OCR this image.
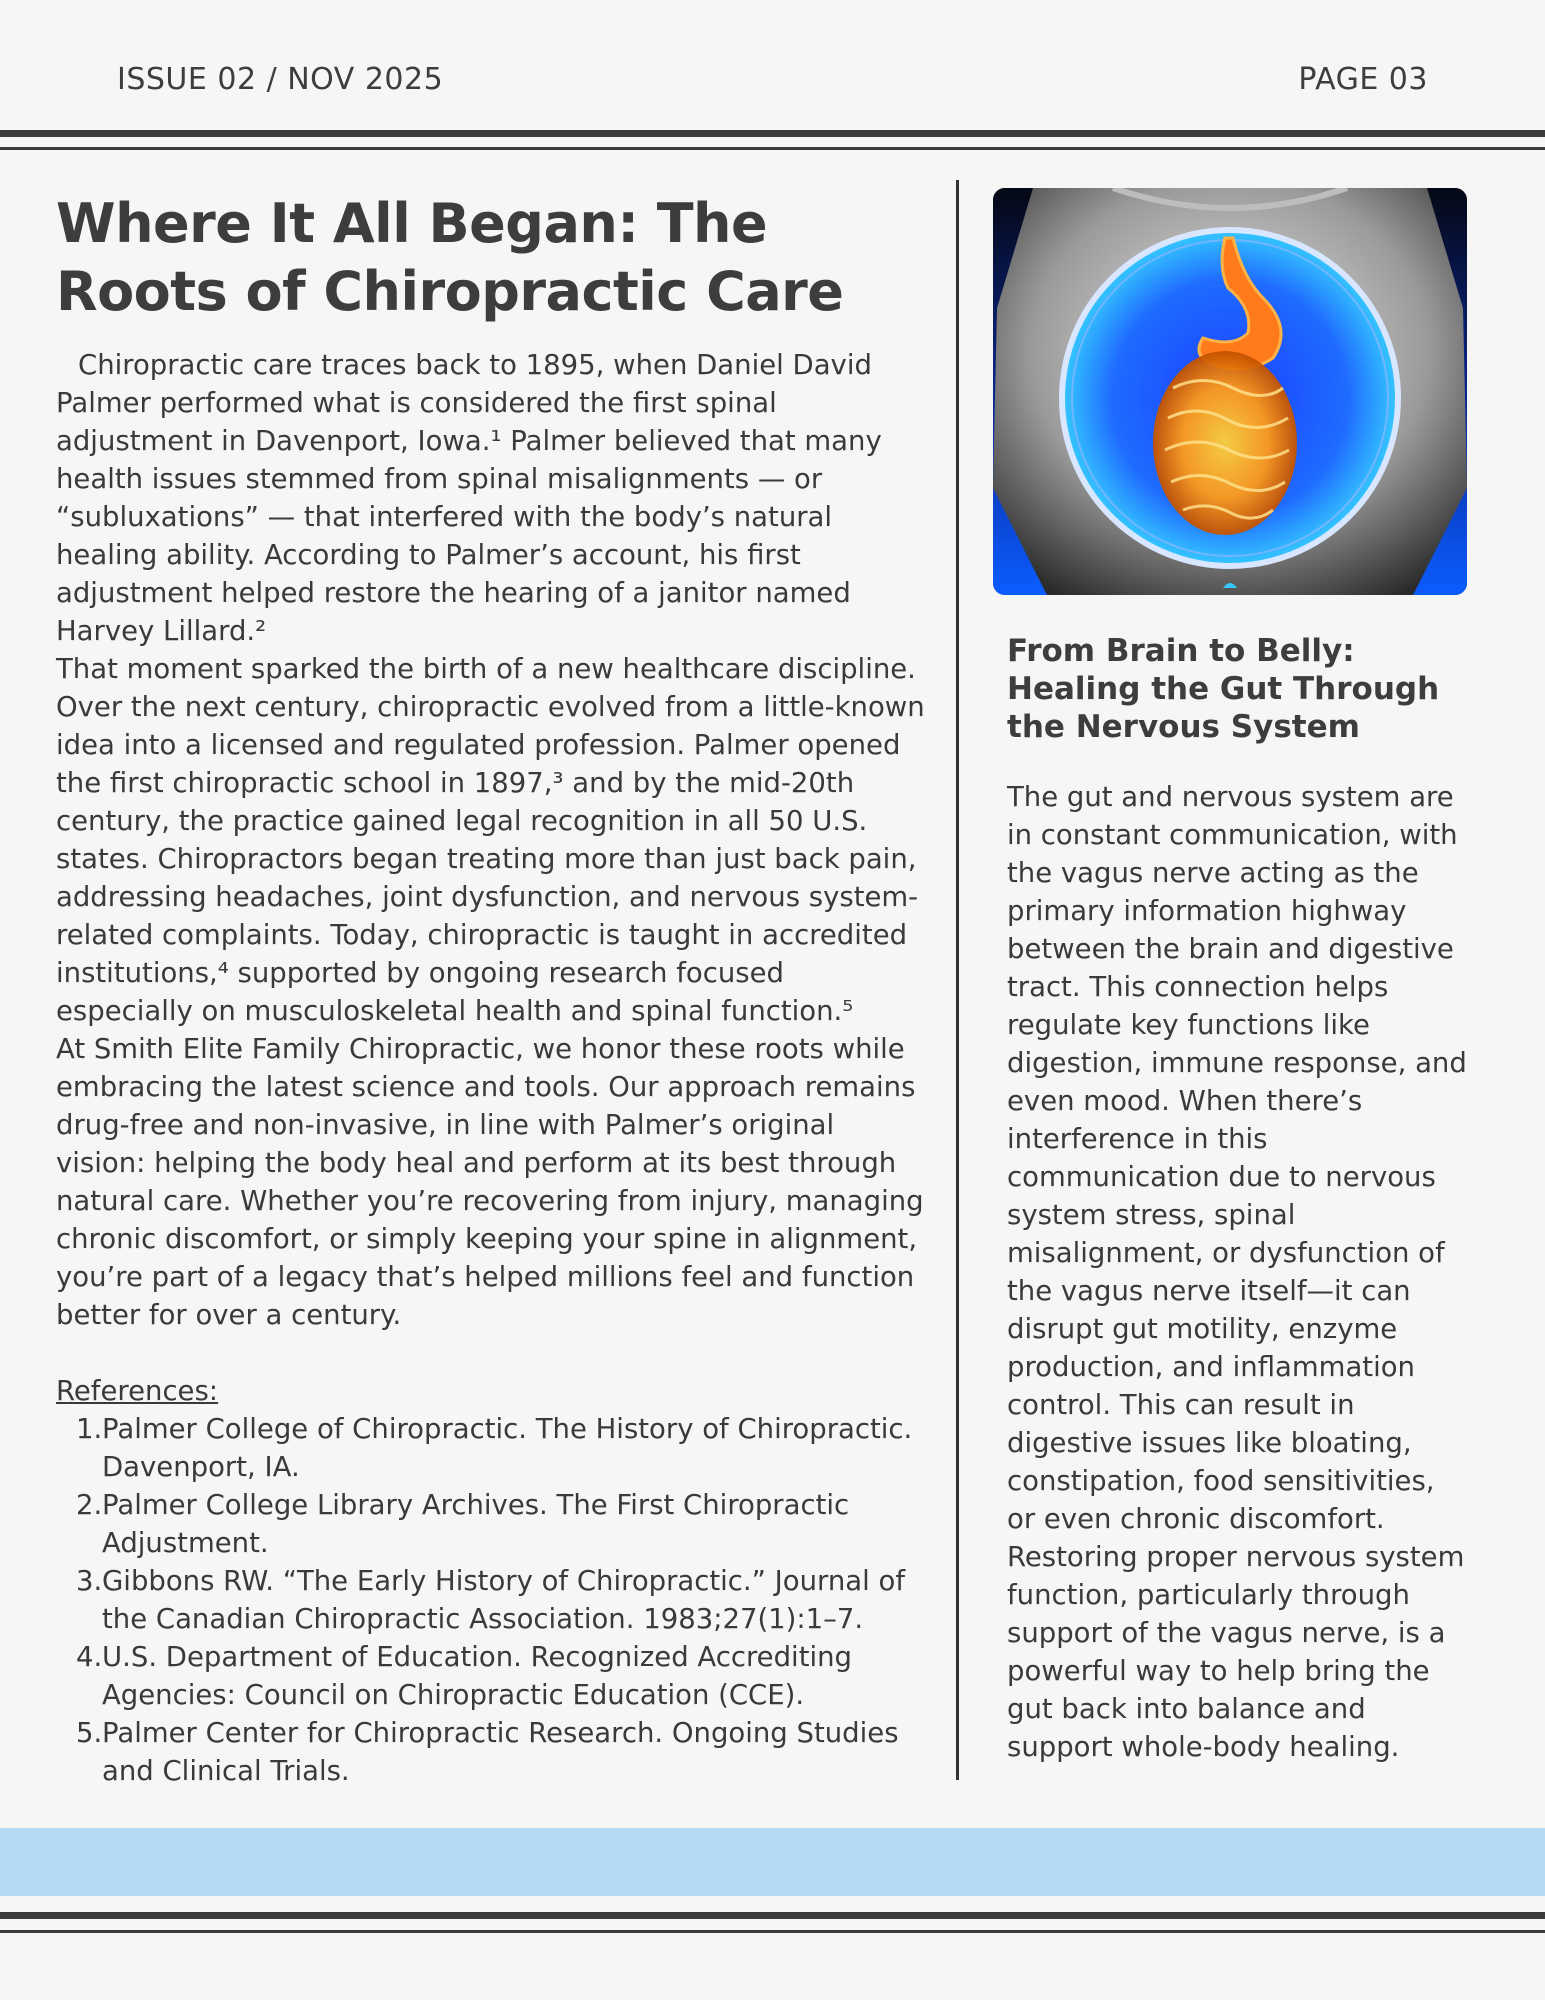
ISSUE 02 / NOV 2025	PAGE 03
Where It All Began: The Roots of Chiropractic Care

Chiropractic care traces back to 1895, when Daniel David Palmer performed what is considered the first spinal adjustment in Davenport, Iowa.¹ Palmer believed that many health issues stemmed from spinal misalignments — or “subluxations” — that interfered with the body’s natural healing ability. According to Palmer’s account, his first adjustment helped restore the hearing of a janitor named Harvey Lillard.²

That moment sparked the birth of a new healthcare discipline. Over the next century, chiropractic evolved from a little-known idea into a licensed and regulated profession. Palmer opened the first chiropractic school in 1897,³ and by the mid-20th century, the practice gained legal recognition in all 50 U.S. states. Chiropractors began treating more than just back pain, addressing headaches, joint dysfunction, and nervous system-related complaints. Today, chiropractic is taught in accredited institutions,⁴ supported by ongoing research focused especially on musculoskeletal health and spinal function.⁵

At Smith Elite Family Chiropractic, we honor these roots while embracing the latest science and tools. Our approach remains drug-free and non-invasive, in line with Palmer’s original vision: helping the body heal and perform at its best through natural care. Whether you’re recovering from injury, managing chronic discomfort, or simply keeping your spine in alignment, you’re part of a legacy that’s helped millions feel and function better for over a century.

References:
1. Palmer College of Chiropractic. The History of Chiropractic. Davenport, IA.
2. Palmer College Library Archives. The First Chiropractic Adjustment.
3. Gibbons RW. “The Early History of Chiropractic.” Journal of the Canadian Chiropractic Association. 1983;27(1):1–7.
4. U.S. Department of Education. Recognized Accrediting Agencies: Council on Chiropractic Education (CCE).
5. Palmer Center for Chiropractic Research. Ongoing Studies and Clinical Trials.
From Brain to Belly: Healing the Gut Through the Nervous System

The gut and nervous system are in constant communication, with the vagus nerve acting as the primary information highway between the brain and digestive tract. This connection helps regulate key functions like digestion, immune response, and even mood. When there’s interference in this communication due to nervous system stress, spinal misalignment, or dysfunction of the vagus nerve itself—it can disrupt gut motility, enzyme production, and inflammation control. This can result in digestive issues like bloating, constipation, food sensitivities, or even chronic discomfort.

Restoring proper nervous system function, particularly through support of the vagus nerve, is a powerful way to help bring the gut back into balance and support whole-body healing.
